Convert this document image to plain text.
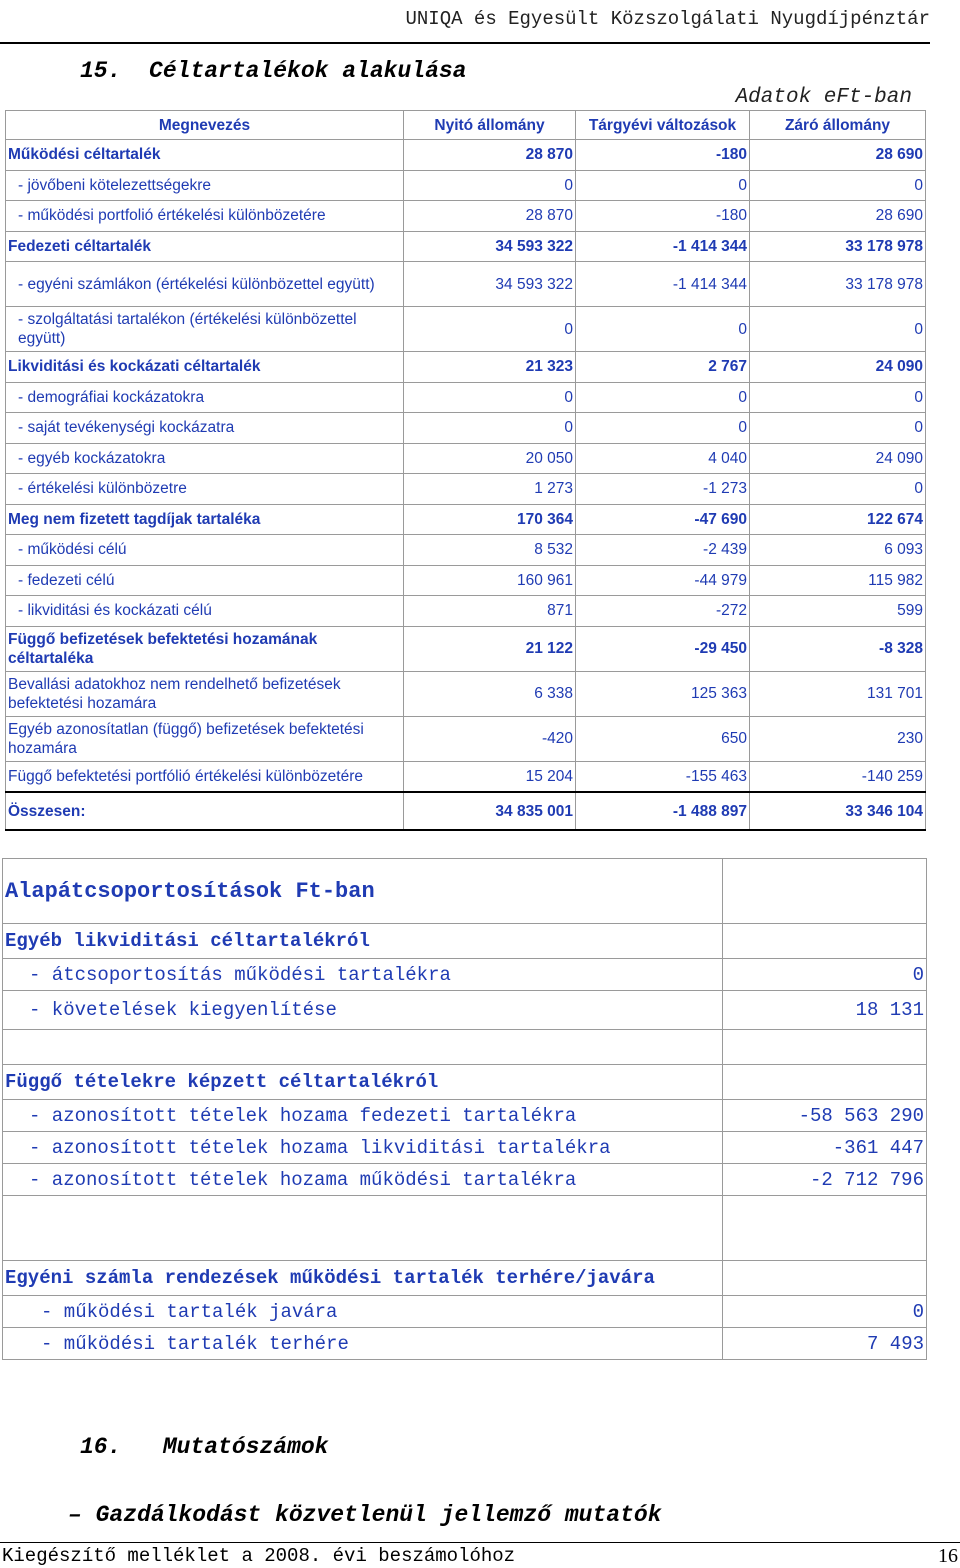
UNIQA és Egyesült Közszolgálati Nyugdíjpénztár
15. Céltartalékok alakulása
Adatok eFt-ban
Megnevezés	Nyitó állomány	Tárgyévi változások	Záró állomány
Működési céltartalék	28 870	-180	28 690
- jövőbeni kötelezettségekre	0	0	0
- működési portfolió értékelési különbözetére	28 870	-180	28 690
Fedezeti céltartalék	34 593 322	-1 414 344	33 178 978
- egyéni számlákon (értékelési különbözettel együtt)	34 593 322	-1 414 344	33 178 978
- szolgáltatási tartalékon (értékelési különbözettel együtt)	0	0	0
Likviditási és kockázati céltartalék	21 323	2 767	24 090
- demográfiai kockázatokra	0	0	0
- saját tevékenységi kockázatra	0	0	0
- egyéb kockázatokra	20 050	4 040	24 090
- értékelési különbözetre	1 273	-1 273	0
Meg nem fizetett tagdíjak tartaléka	170 364	-47 690	122 674
- működési célú	8 532	-2 439	6 093
- fedezeti célú	160 961	-44 979	115 982
- likviditási és kockázati célú	871	-272	599
Függő befizetések befektetési hozamának céltartaléka	21 122	-29 450	-8 328
Bevallási adatokhoz nem rendelhető befizetések befektetési hozamára	6 338	125 363	131 701
Egyéb azonosítatlan (függő) befizetések befektetési hozamára	-420	650	230
Függő befektetési portfólió értékelési különbözetére	15 204	-155 463	-140 259
Összesen:	34 835 001	-1 488 897	33 346 104
Alapátcsoportosítások Ft-ban	
Egyéb likviditási céltartalékról	
- átcsoportosítás működési tartalékra	0
- követelések kiegyenlítése	18 131

Függő tételekre képzett céltartalékról	
- azonosított tételek hozama fedezeti tartalékra	-58 563 290
- azonosított tételek hozama likviditási tartalékra	-361 447
- azonosított tételek hozama működési tartalékra	-2 712 796

Egyéni számla rendezések működési tartalék terhére/javára	
- működési tartalék javára	0
- működési tartalék terhére	7 493
16. Mutatószámok
– Gazdálkodást közvetlenül jellemző mutatók
Kiegészítő melléklet a 2008. évi beszámolóhoz	16
